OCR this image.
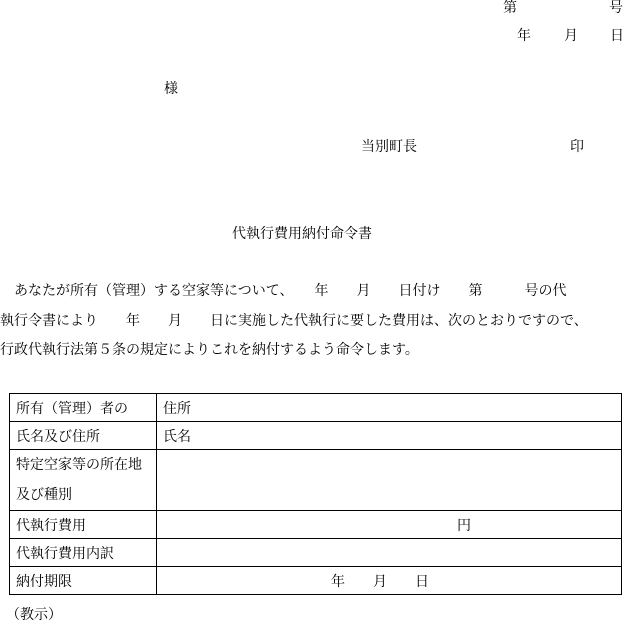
第	号
年 月 日
様
当別町長	印
代執行費用納付命令書
　あなたが所有（管理）する空家等について、　　年　　月　　日付け　　第　　　号の代
執行令書により　　年　　月　　日に実施した代執行に要した費用は、次のとおりですので、
行政代執行法第５条の規定によりこれを納付するよう命令します。
所有（管理）者の	住所
氏名及び住所	氏名
特定空家等の所在地
及び種別	
代執行費用	円
代執行費用内訳	
納付期限	年　　月　　日
（教示）
